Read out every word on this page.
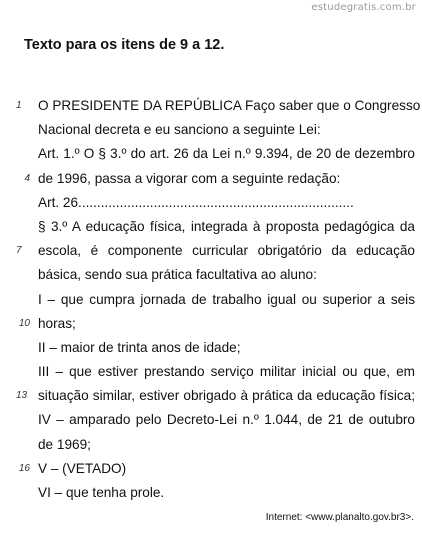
estudegratis.com.br
Texto para os itens de 9 a 12.
1	O PRESIDENTE DA REPÚBLICA Faço saber que o Congresso
Nacional decreta e eu sanciono a seguinte Lei:
Art. 1.º O § 3.º do art. 26 da Lei n.º 9.394, de 20 de dezembro
4 de 1996, passa a vigorar com a seguinte redação:
Art. 26.........................................................................
§ 3.º A educação física, integrada à proposta pedagógica da
7	escola, é componente curricular obrigatório da educação
básica, sendo sua prática facultativa ao aluno:
I – que cumpra jornada de trabalho igual ou superior a seis
10 horas;
II – maior de trinta anos de idade;
III – que estiver prestando serviço militar inicial ou que, em
13 situação similar, estiver obrigado à prática da educação física;
IV – amparado pelo Decreto-Lei n.º 1.044, de 21 de outubro
de 1969;
16 V – (VETADO)
VI – que tenha prole.
Internet: <www.planalto.gov.br3>.
